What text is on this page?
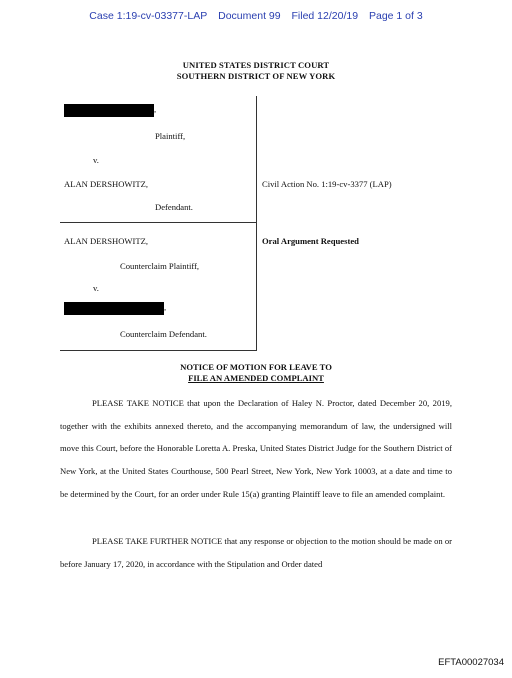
Case 1:19-cv-03377-LAP Document 99 Filed 12/20/19 Page 1 of 3
UNITED STATES DISTRICT COURT
SOUTHERN DISTRICT OF NEW YORK
,
Plaintiff,
v.
ALAN DERSHOWITZ,
Defendant.
ALAN DERSHOWITZ,
Counterclaim Plaintiff,
v.
,
Counterclaim Defendant.
Civil Action No. 1:19-cv-3377 (LAP)
Oral Argument Requested
NOTICE OF MOTION FOR LEAVE TO
FILE AN AMENDED COMPLAINT

PLEASE TAKE NOTICE that upon the Declaration of Haley N. Proctor, dated December 20, 2019, together with the exhibits annexed thereto, and the accompanying memorandum of law, the undersigned will move this Court, before the Honorable Loretta A. Preska, United States District Judge for the Southern District of New York, at the United States Courthouse, 500 Pearl Street, New York, New York 10003, at a date and time to be determined by the Court, for an order under Rule 15(a) granting Plaintiff leave to file an amended complaint.

PLEASE TAKE FURTHER NOTICE that any response or objection to the motion should be made on or before January 17, 2020, in accordance with the Stipulation and Order dated

EFTA00027034
